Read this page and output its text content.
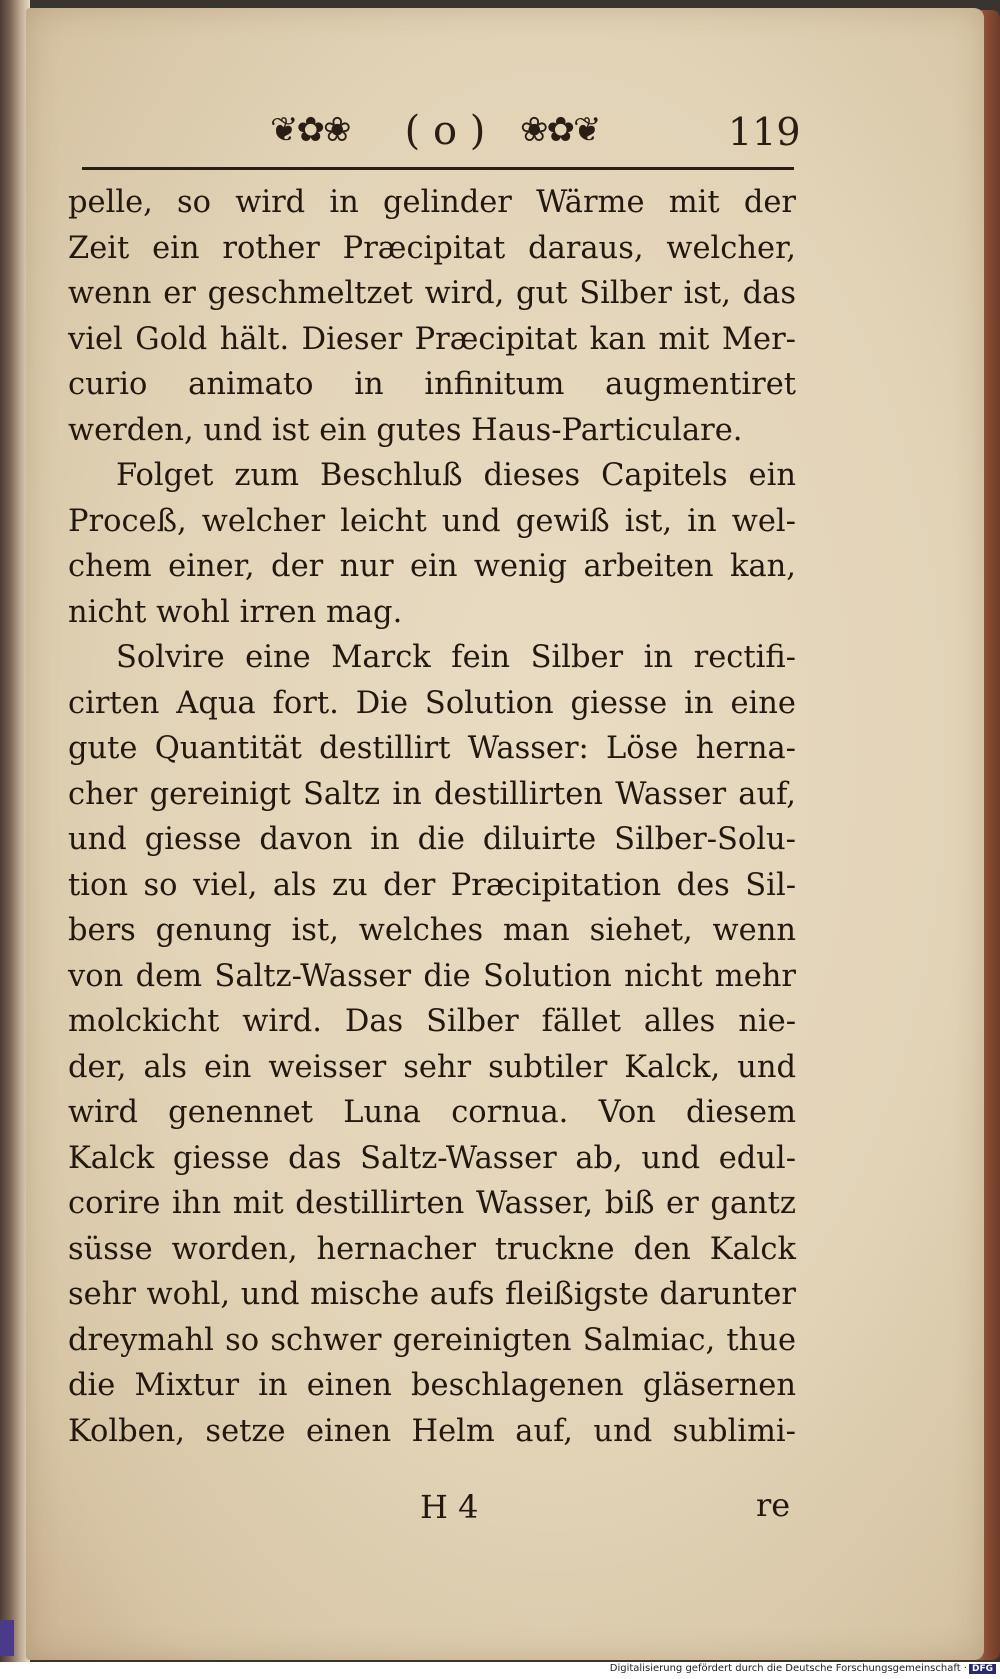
❦✿❀	( o )	❀✿❦	119
pelle, so wird in gelinder Wärme mit der
Zeit ein rother Præcipitat daraus, welcher,
wenn er geschmeltzet wird, gut Silber ist, das
viel Gold hält. Dieser Præcipitat kan mit Mer-
curio animato in infinitum augmentiret
werden, und ist ein gutes Haus-Particulare.
Folget zum Beschluß dieses Capitels ein
Proceß, welcher leicht und gewiß ist, in wel-
chem einer, der nur ein wenig arbeiten kan,
nicht wohl irren mag.
Solvire eine Marck fein Silber in rectifi-
cirten Aqua fort. Die Solution giesse in eine
gute Quantität destillirt Wasser: Löse herna-
cher gereinigt Saltz in destillirten Wasser auf,
und giesse davon in die diluirte Silber-Solu-
tion so viel, als zu der Præcipitation des Sil-
bers genung ist, welches man siehet, wenn
von dem Saltz-Wasser die Solution nicht mehr
molckicht wird. Das Silber fället alles nie-
der, als ein weisser sehr subtiler Kalck, und
wird genennet Luna cornua. Von diesem
Kalck giesse das Saltz-Wasser ab, und edul-
corire ihn mit destillirten Wasser, biß er gantz
süsse worden, hernacher truckne den Kalck
sehr wohl, und mische aufs fleißigste darunter
dreymahl so schwer gereinigten Salmiac, thue
die Mixtur in einen beschlagenen gläsernen
Kolben, setze einen Helm auf, und sublimi-
H 4	re
Digitalisierung gefördert durch die Deutsche Forschungsgemeinschaft · DFG
